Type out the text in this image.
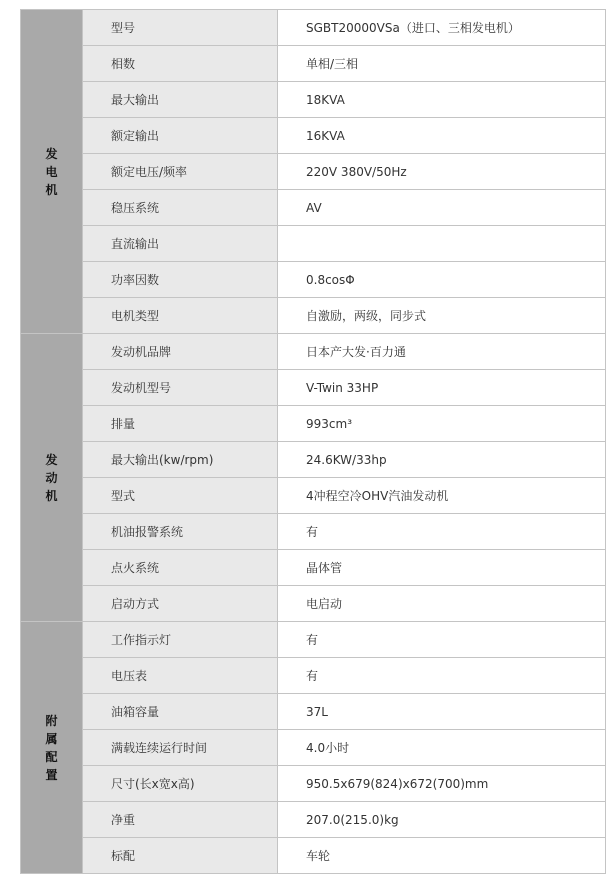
发
电
机	型号	SGBT20000VSa（进口、三相发电机）
	相数	单相/三相
	最大输出	18KVA
	额定输出	16KVA
	额定电压/频率	220V 380V/50Hz
	稳压系统	AV
	直流输出	
	功率因数	0.8cosΦ
	电机类型	自激励，两级，同步式

发
动
机	发动机品牌	日本产大发·百力通
	发动机型号	V-Twin 33HP
	排量	993cm³
	最大输出(kw/rpm)	24.6KW/33hp
	型式	4冲程空冷OHV汽油发动机
	机油报警系统	有
	点火系统	晶体管
	启动方式	电启动

附
属
配
置	工作指示灯	有
	电压表	有
	油箱容量	37L
	满载连续运行时间	4.0小时
	尺寸(长x宽x高)	950.5x679(824)x672(700)mm
	净重	207.0(215.0)kg
	标配	车轮
